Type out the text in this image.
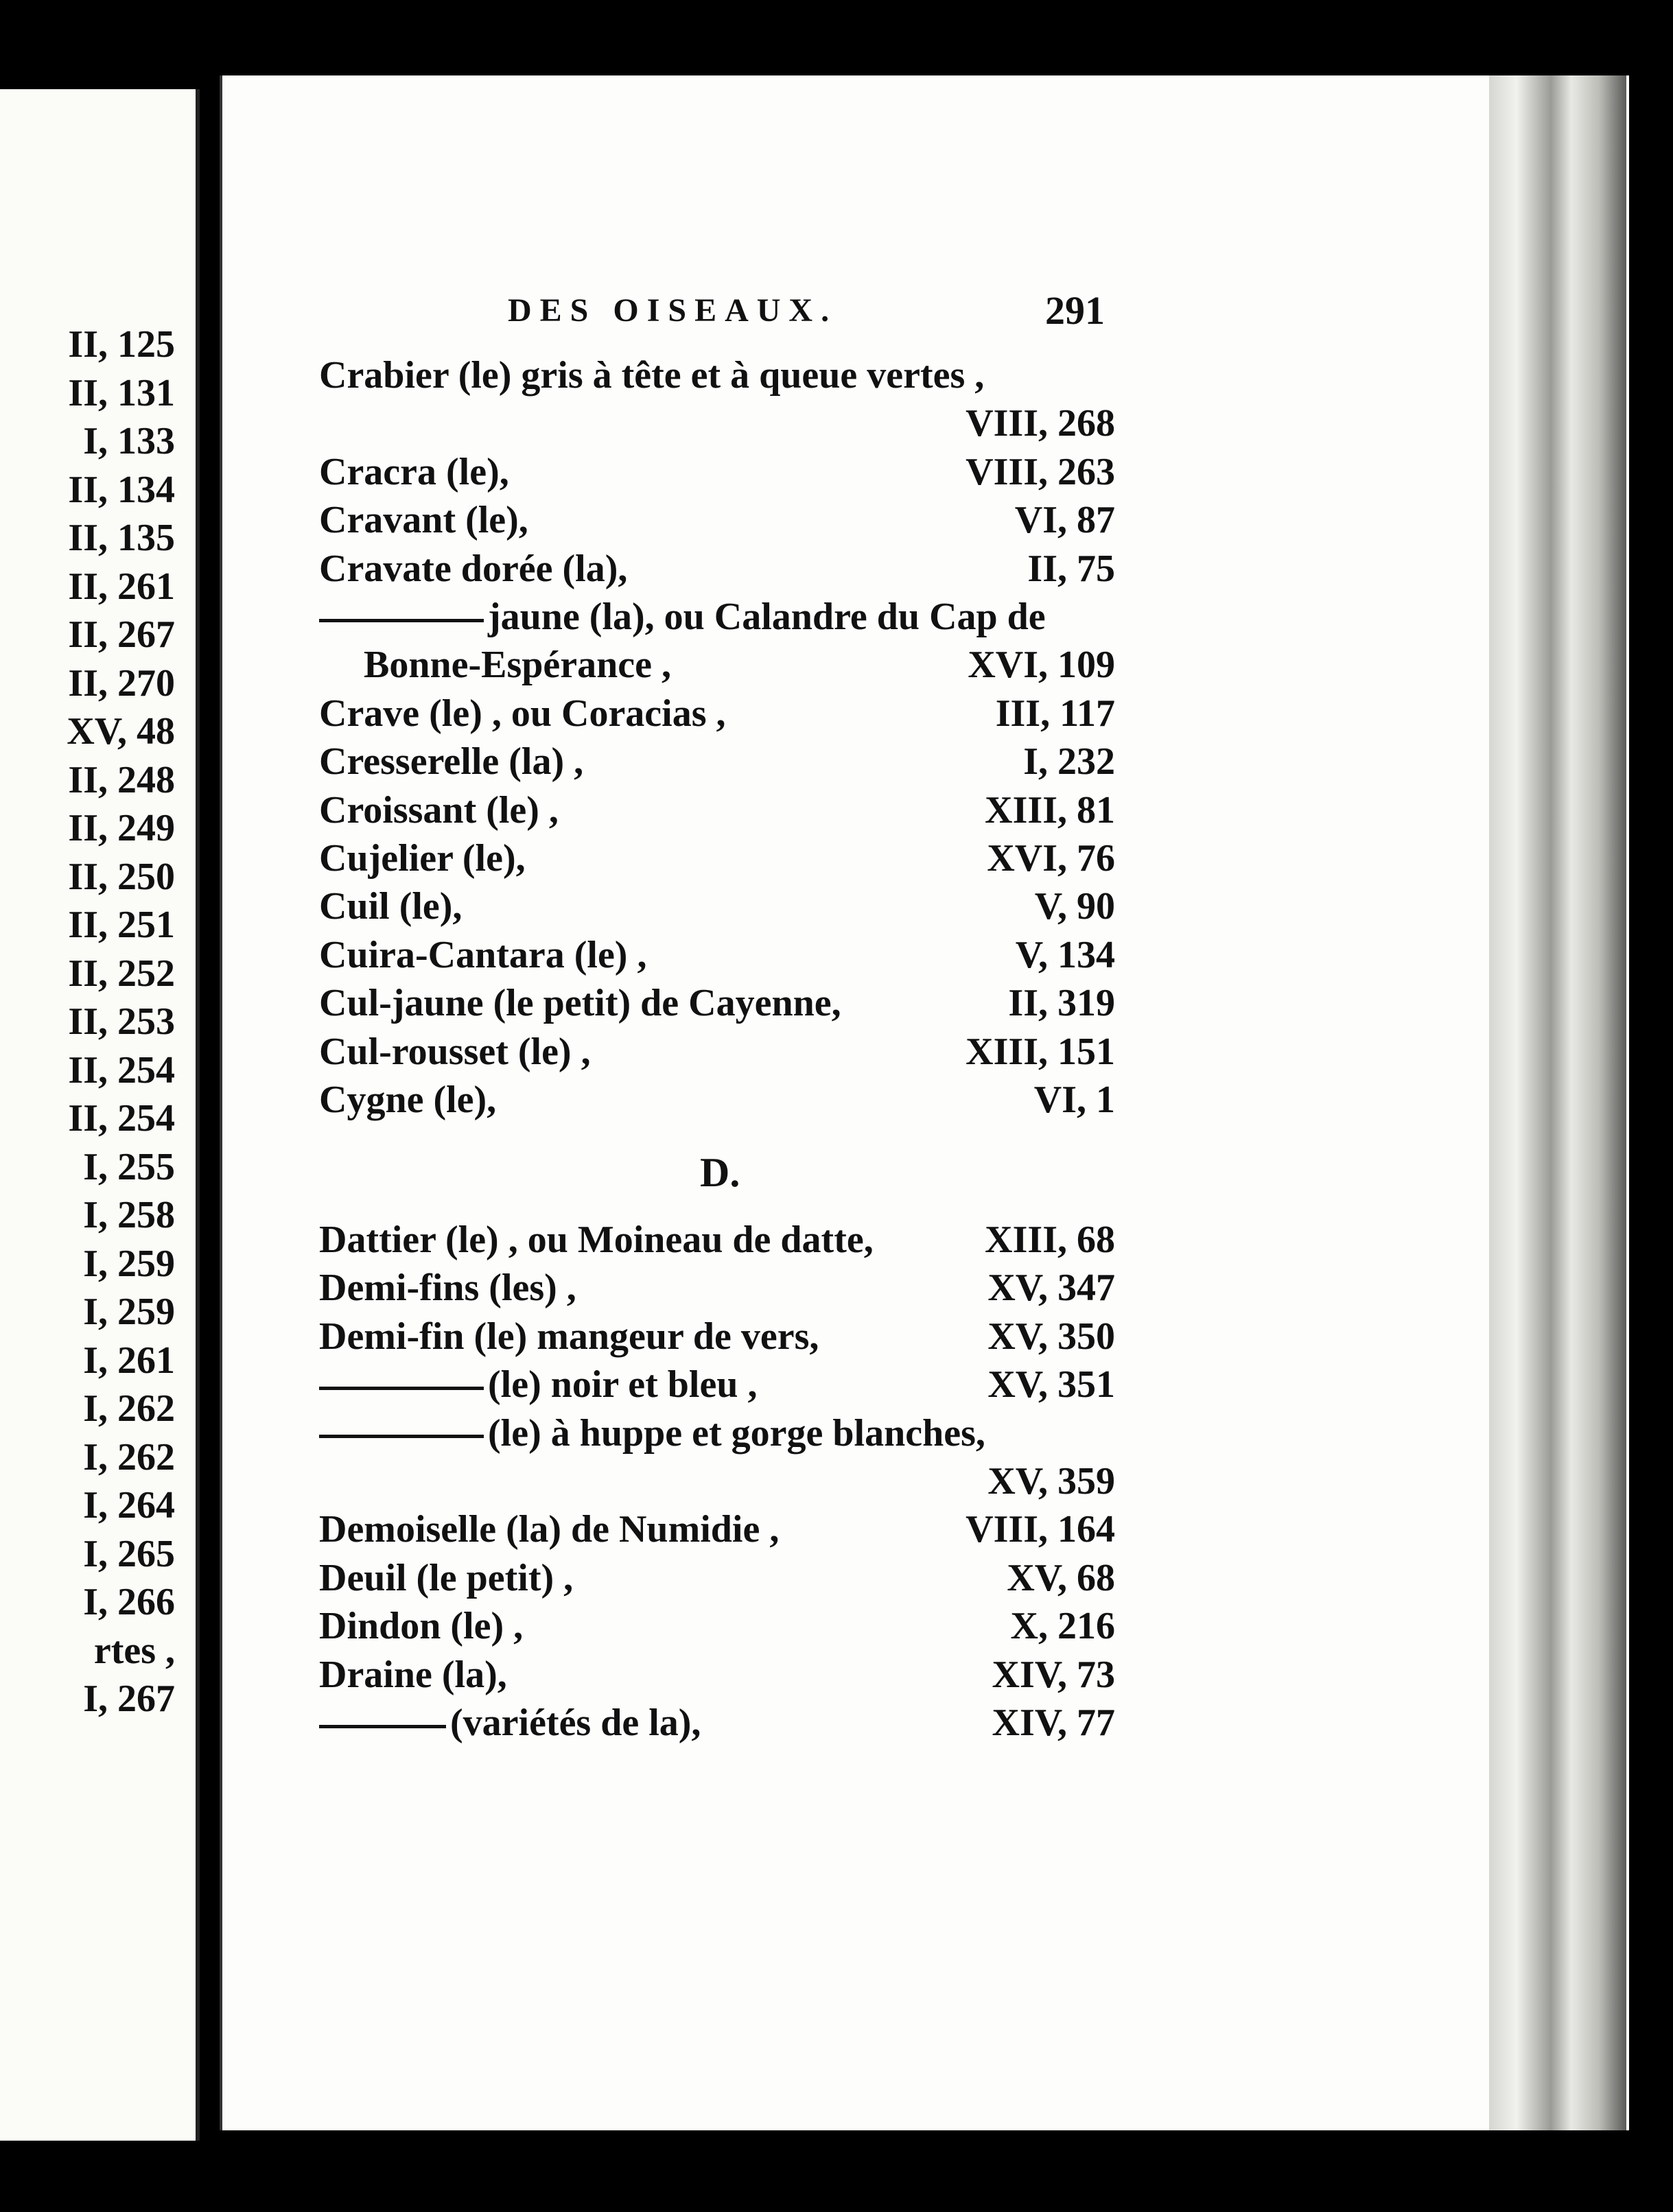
II, 125
II, 131
I, 133
II, 134
II, 135
II, 261
II, 267
II, 270
XV, 48
II, 248
II, 249
II, 250
II, 251
II, 252
II, 253
II, 254
II, 254
I, 255
I, 258
I, 259
I, 259
I, 261
I, 262
I, 262
I, 264
I, 265
I, 266
rtes ,
I, 267
DES OISEAUX.	291
Crabier (le) gris à tête et à queue vertes ,
VIII, 268
Cracra (le),	VIII, 263
Cravant (le),	VI, 87
Cravate dorée (la),	II, 75
jaune (la), ou Calandre du Cap de
Bonne-Espérance ,	XVI, 109
Crave (le) , ou Coracias ,	III, 117
Cresserelle (la) ,	I, 232
Croissant (le) ,	XIII, 81
Cujelier (le),	XVI, 76
Cuil (le),	V, 90
Cuira-Cantara (le) ,	V, 134
Cul-jaune (le petit) de Cayenne,	II, 319
Cul-rousset (le) ,	XIII, 151
Cygne (le),	VI, 1
D.
Dattier (le) , ou Moineau de datte,	XIII, 68
Demi-fins (les) ,	XV, 347
Demi-fin (le) mangeur de vers,	XV, 350
(le) noir et bleu ,	XV, 351
(le) à huppe et gorge blanches,
XV, 359
Demoiselle (la) de Numidie ,	VIII, 164
Deuil (le petit) ,	XV, 68
Dindon (le) ,	X, 216
Draine (la),	XIV, 73
(variétés de la),	XIV, 77
